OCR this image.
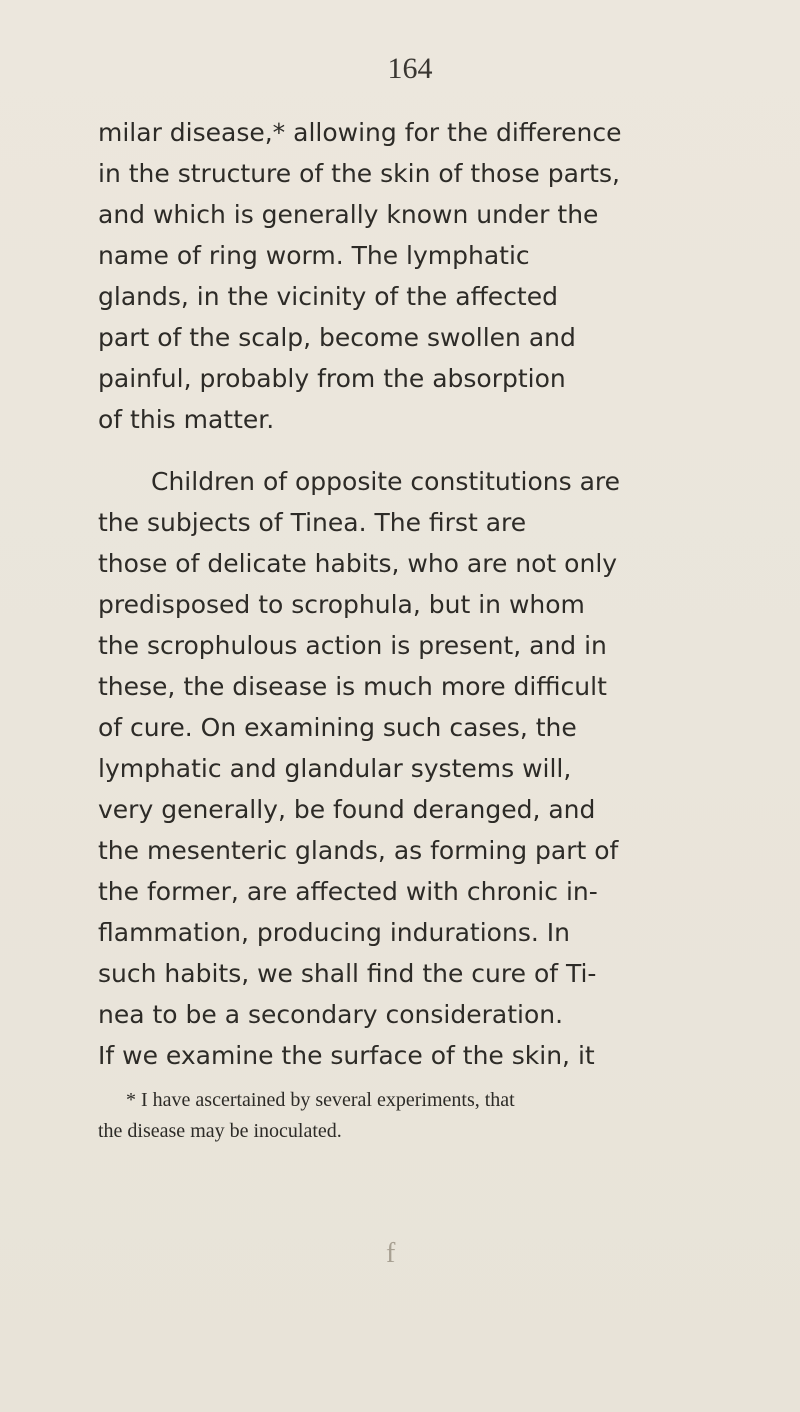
164
milar disease,* allowing for the difference
in the structure of the skin of those parts,
and which is generally known under the
name of ring worm. The lymphatic
glands, in the vicinity of the affected
part of the scalp, become swollen and
painful, probably from the absorption
of this matter.
Children of opposite constitutions are
the subjects of Tinea. The first are
those of delicate habits, who are not only
predisposed to scrophula, but in whom
the scrophulous action is present, and in
these, the disease is much more difficult
of cure. On examining such cases, the
lymphatic and glandular systems will,
very generally, be found deranged, and
the mesenteric glands, as forming part of
the former, are affected with chronic in-
flammation, producing indurations. In
such habits, we shall find the cure of Ti-
nea to be a secondary consideration.
If we examine the surface of the skin, it
* I have ascertained by several experiments, that
the disease may be inoculated.
f
